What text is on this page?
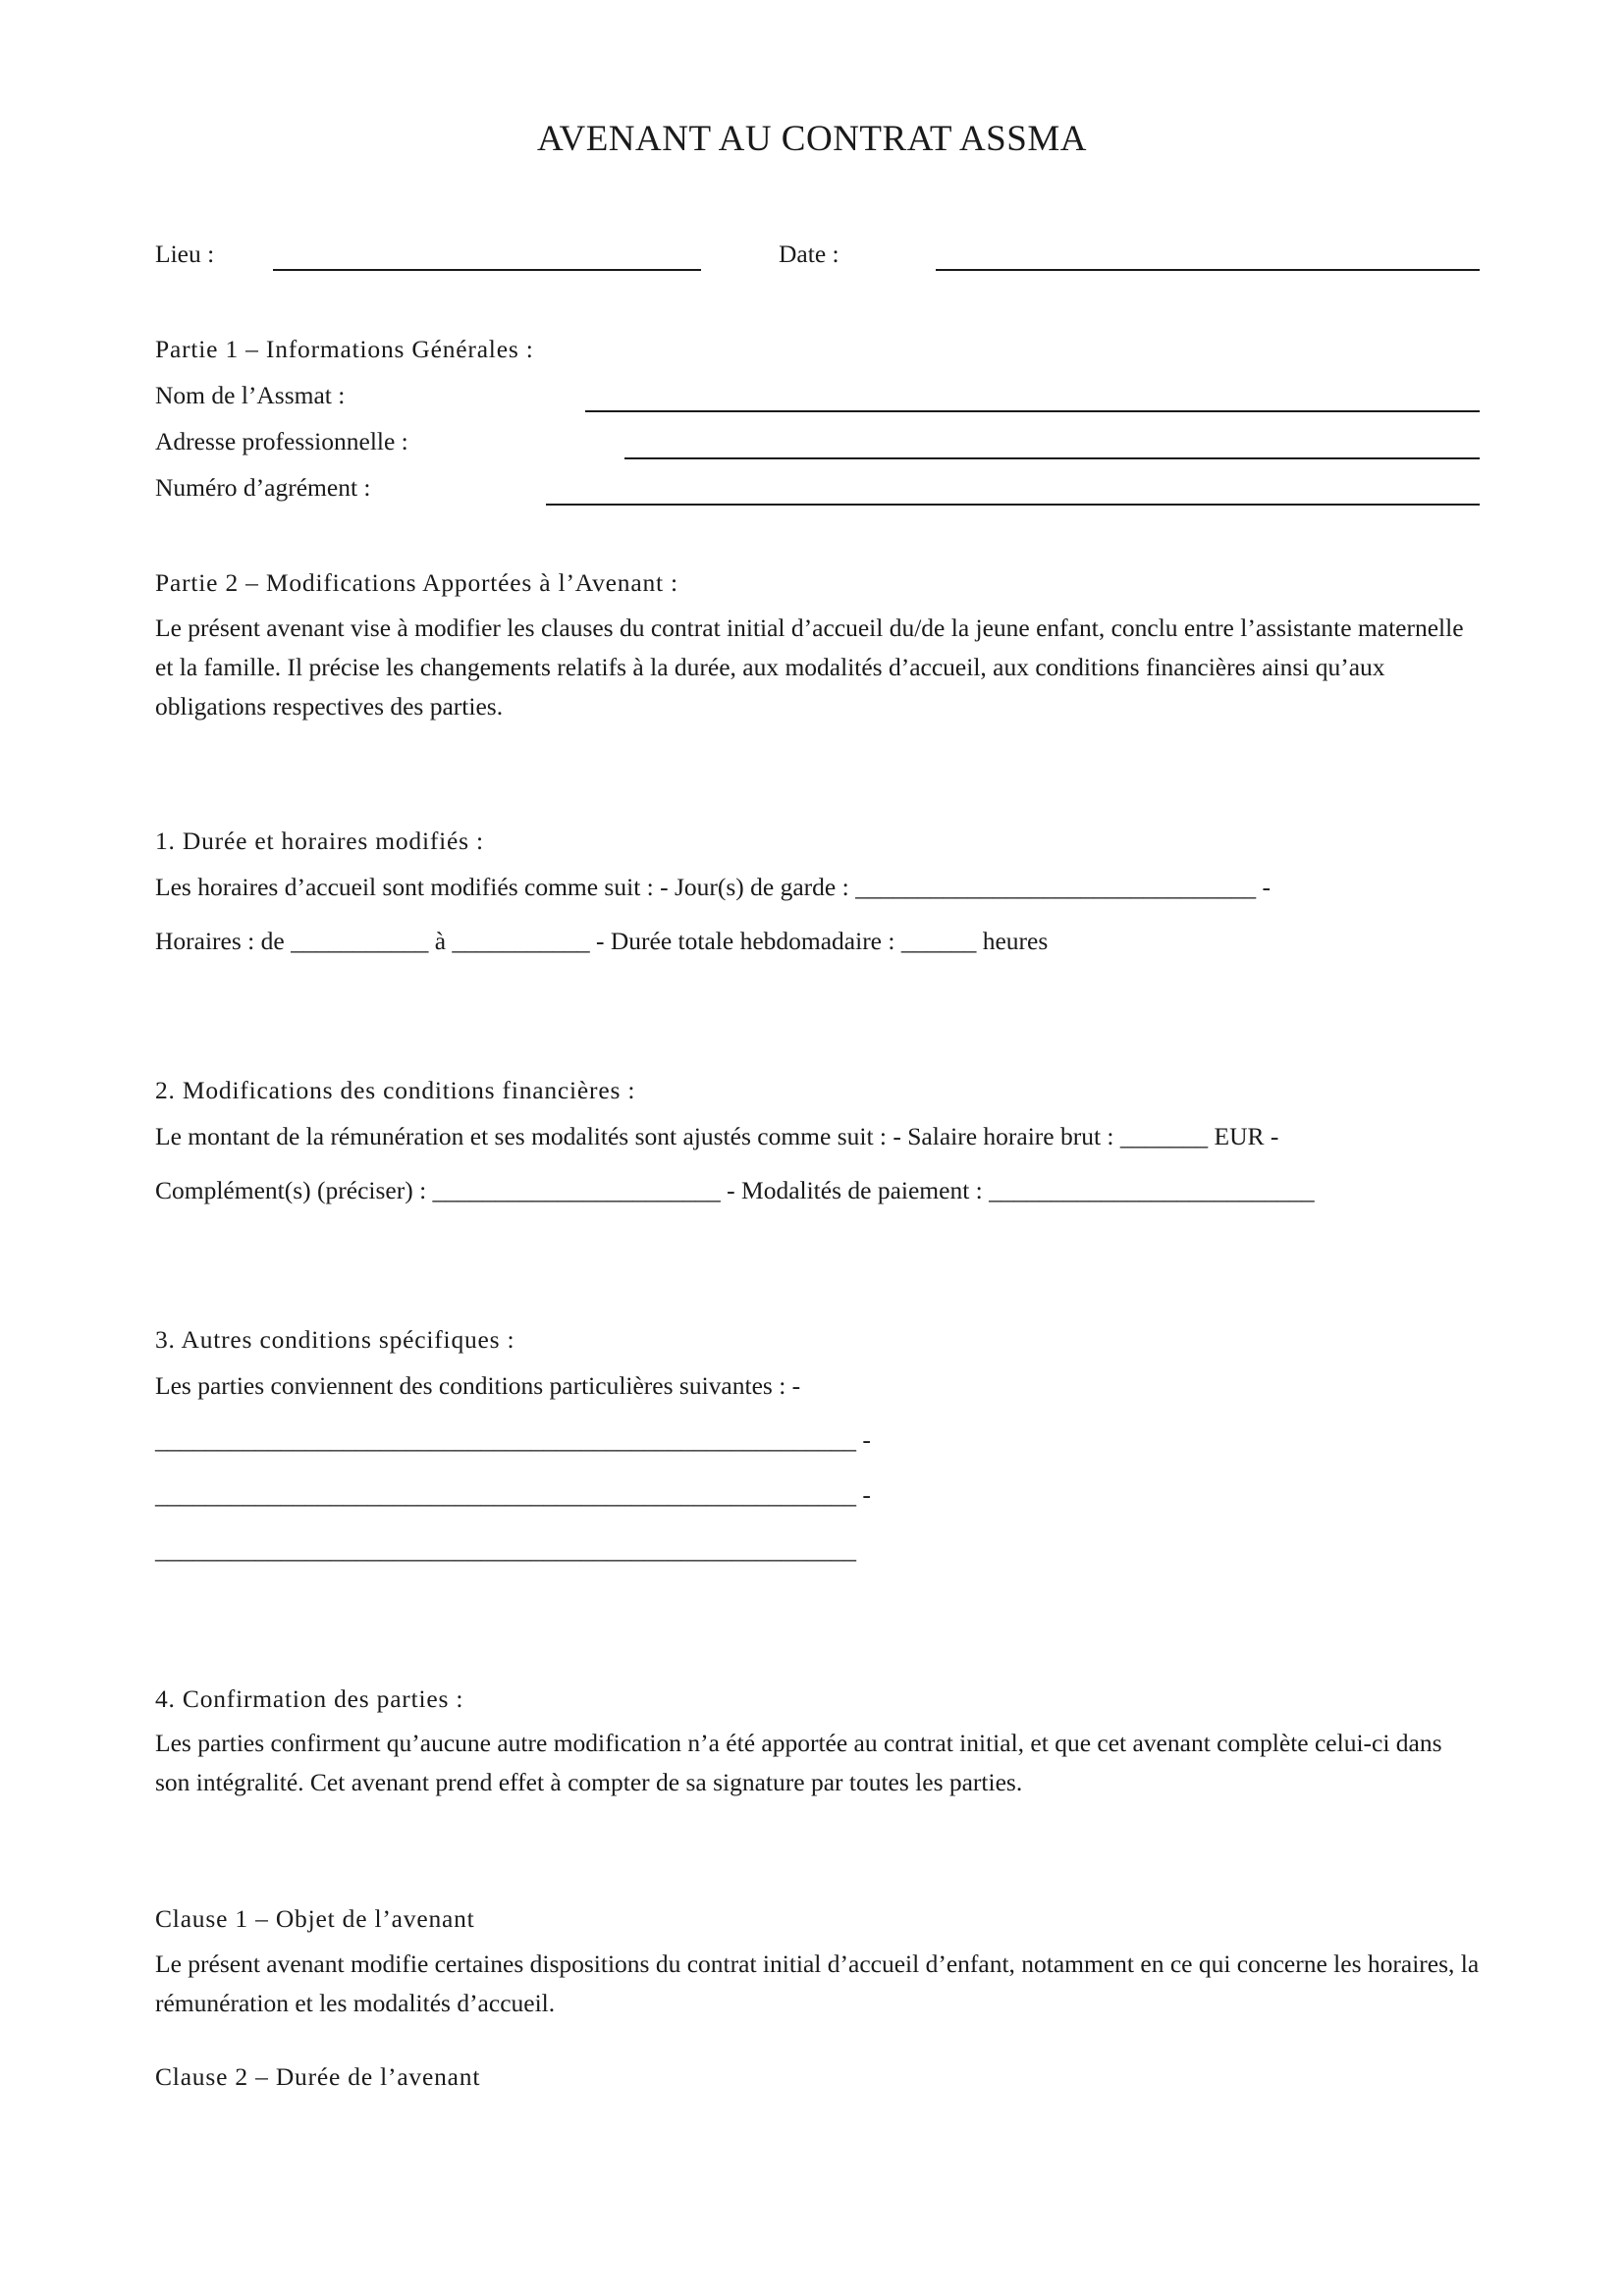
AVENANT AU CONTRAT ASSMA
Lieu :	Date :
Partie 1 – Informations Générales :
Nom de l’Assmat :
Adresse professionnelle :
Numéro d’agrément :
Partie 2 – Modifications Apportées à l’Avenant :
Le présent avenant vise à modifier les clauses du contrat initial d’accueil du/de la jeune enfant, conclu entre l’assistante maternelle et la famille. Il précise les changements relatifs à la durée, aux modalités d’accueil, aux conditions financières ainsi qu’aux obligations respectives des parties.
1. Durée et horaires modifiés :
Les horaires d’accueil sont modifiés comme suit : - Jour(s) de garde : ________________________________ -
Horaires : de ___________ à ___________ - Durée totale hebdomadaire : ______ heures
2. Modifications des conditions financières :
Le montant de la rémunération et ses modalités sont ajustés comme suit : - Salaire horaire brut : _______ EUR -
Complément(s) (préciser) : _______________________ - Modalités de paiement : __________________________
3. Autres conditions spécifiques :
Les parties conviennent des conditions particulières suivantes : -
________________________________________________________ -
________________________________________________________ -
________________________________________________________
4. Confirmation des parties :
Les parties confirment qu’aucune autre modification n’a été apportée au contrat initial, et que cet avenant complète celui-ci dans son intégralité. Cet avenant prend effet à compter de sa signature par toutes les parties.
Clause 1 – Objet de l’avenant
Le présent avenant modifie certaines dispositions du contrat initial d’accueil d’enfant, notamment en ce qui concerne les horaires, la rémunération et les modalités d’accueil.
Clause 2 – Durée de l’avenant
